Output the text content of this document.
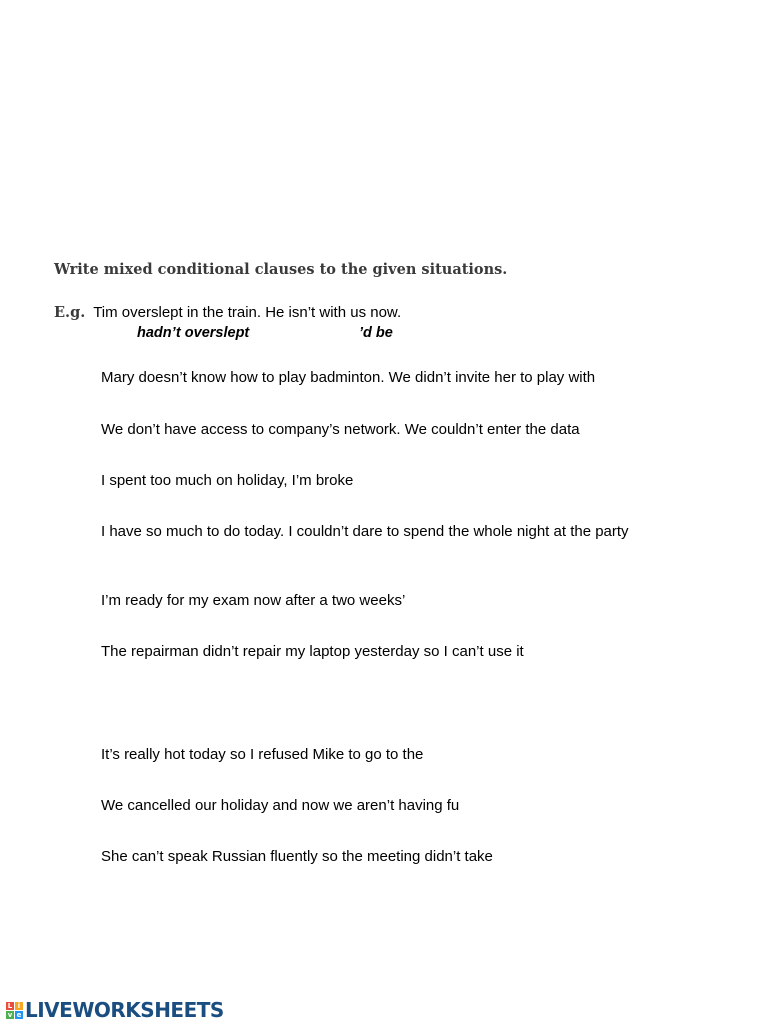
Write mixed conditional clauses to the given situations.
E.g. Tim overslept in the train. He isn’t with us now.
hadn’t overslept	’d be
Mary doesn’t know how to play badminton. We didn’t invite her to play with
We don’t have access to company’s network. We couldn’t enter the data
I spent too much on holiday, I’m broke
I have so much to do today. I couldn’t dare to spend the whole night at the party
I’m ready for my exam now after a two weeks’
The repairman didn’t repair my laptop yesterday so I can’t use it
It’s really hot today so I refused Mike to go to the
We cancelled our holiday and now we aren’t having fu
She can’t speak Russian fluently so the meeting didn’t take
L i
v e LIVEWORKSHEETS
